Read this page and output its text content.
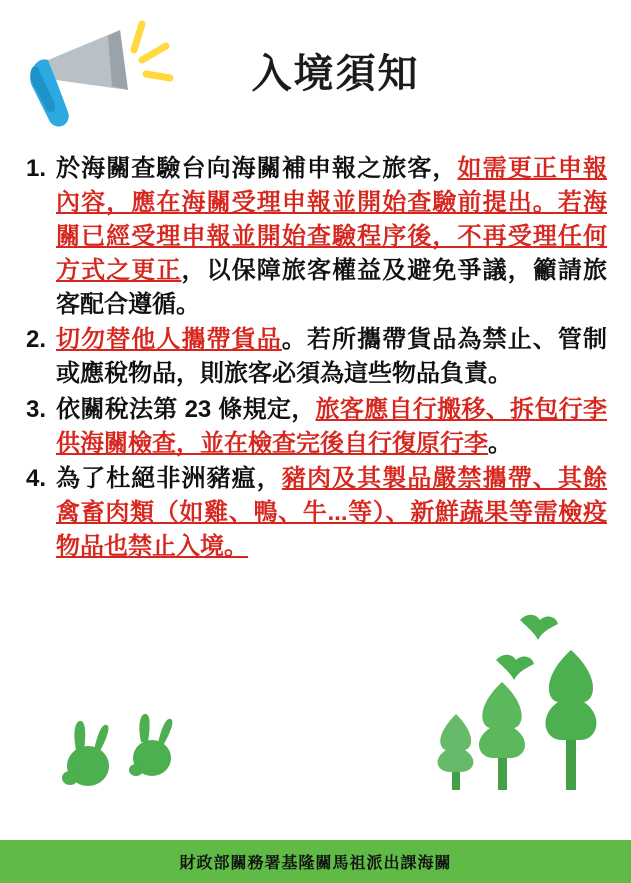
入境須知
1. 於海關查驗台向海關補申報之旅客，如需更正申報內容，應在海關受理申報並開始查驗前提出。若海關已經受理申報並開始查驗程序後，不再受理任何方式之更正，以保障旅客權益及避免爭議，籲請旅客配合遵循。
2. 切勿替他人攜帶貨品。若所攜帶貨品為禁止、管制或應稅物品，則旅客必須為這些物品負責。
3. 依關稅法第 23 條規定，旅客應自行搬移、拆包行李供海關檢查，並在檢查完後自行復原行李。
4. 為了杜絕非洲豬瘟，豬肉及其製品嚴禁攜帶、其餘禽畜肉類（如雞、鴨、牛...等）、新鮮蔬果等需檢疫物品也禁止入境。
財政部關務署基隆關馬祖派出課海關
